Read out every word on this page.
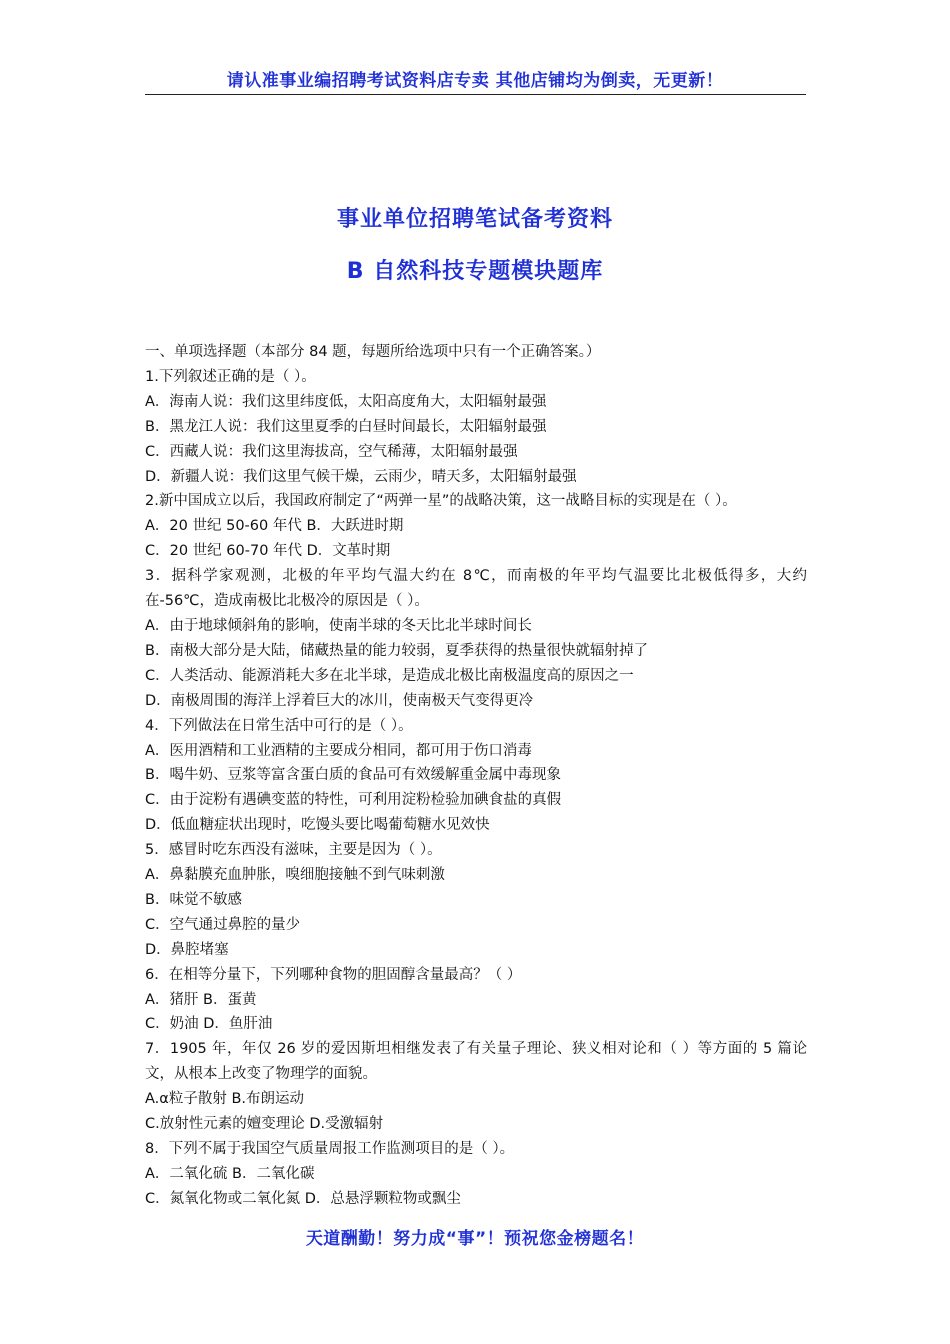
请认准事业编招聘考试资料店专卖 其他店铺均为倒卖，无更新！
事业单位招聘笔试备考资料
B 自然科技专题模块题库

一、单项选择题（本部分 84 题，每题所给选项中只有一个正确答案。）

1.下列叙述正确的是（ ）。

A．海南人说：我们这里纬度低，太阳高度角大，太阳辐射最强

B．黑龙江人说：我们这里夏季的白昼时间最长，太阳辐射最强

C．西藏人说：我们这里海拔高，空气稀薄，太阳辐射最强

D．新疆人说：我们这里气候干燥，云雨少，晴天多，太阳辐射最强

2.新中国成立以后，我国政府制定了“两弹一星”的战略决策，这一战略目标的实现是在（ ）。

A．20 世纪 50-60 年代 B．大跃进时期

C．20 世纪 60-70 年代 D．文革时期

3．据科学家观测，北极的年平均气温大约在 8℃，而南极的年平均气温要比北极低得多，大约在-56℃，造成南极比北极冷的原因是（ ）。

A．由于地球倾斜角的影响，使南半球的冬天比北半球时间长

B．南极大部分是大陆，储藏热量的能力较弱，夏季获得的热量很快就辐射掉了

C．人类活动、能源消耗大多在北半球，是造成北极比南极温度高的原因之一

D．南极周围的海洋上浮着巨大的冰川，使南极天气变得更冷

4．下列做法在日常生活中可行的是（ ）。

A．医用酒精和工业酒精的主要成分相同，都可用于伤口消毒

B．喝牛奶、豆浆等富含蛋白质的食品可有效缓解重金属中毒现象

C．由于淀粉有遇碘变蓝的特性，可利用淀粉检验加碘食盐的真假

D．低血糖症状出现时，吃馒头要比喝葡萄糖水见效快

5．感冒时吃东西没有滋味，主要是因为（ ）。

A．鼻黏膜充血肿胀，嗅细胞接触不到气味刺激

B．味觉不敏感

C．空气通过鼻腔的量少

D．鼻腔堵塞

6．在相等分量下，下列哪种食物的胆固醇含量最高？（ ）

A．猪肝 B．蛋黄

C．奶油 D．鱼肝油

7．1905 年，年仅 26 岁的爱因斯坦相继发表了有关量子理论、狭义相对论和（ ）等方面的 5 篇论文，从根本上改变了物理学的面貌。

A.α粒子散射 B.布朗运动

C.放射性元素的嬗变理论 D.受激辐射

8．下列不属于我国空气质量周报工作监测项目的是（ ）。

A．二氧化硫 B．二氧化碳

C．氮氧化物或二氧化氮 D．总悬浮颗粒物或飘尘

天道酬勤！努力成“事”！预祝您金榜题名！
